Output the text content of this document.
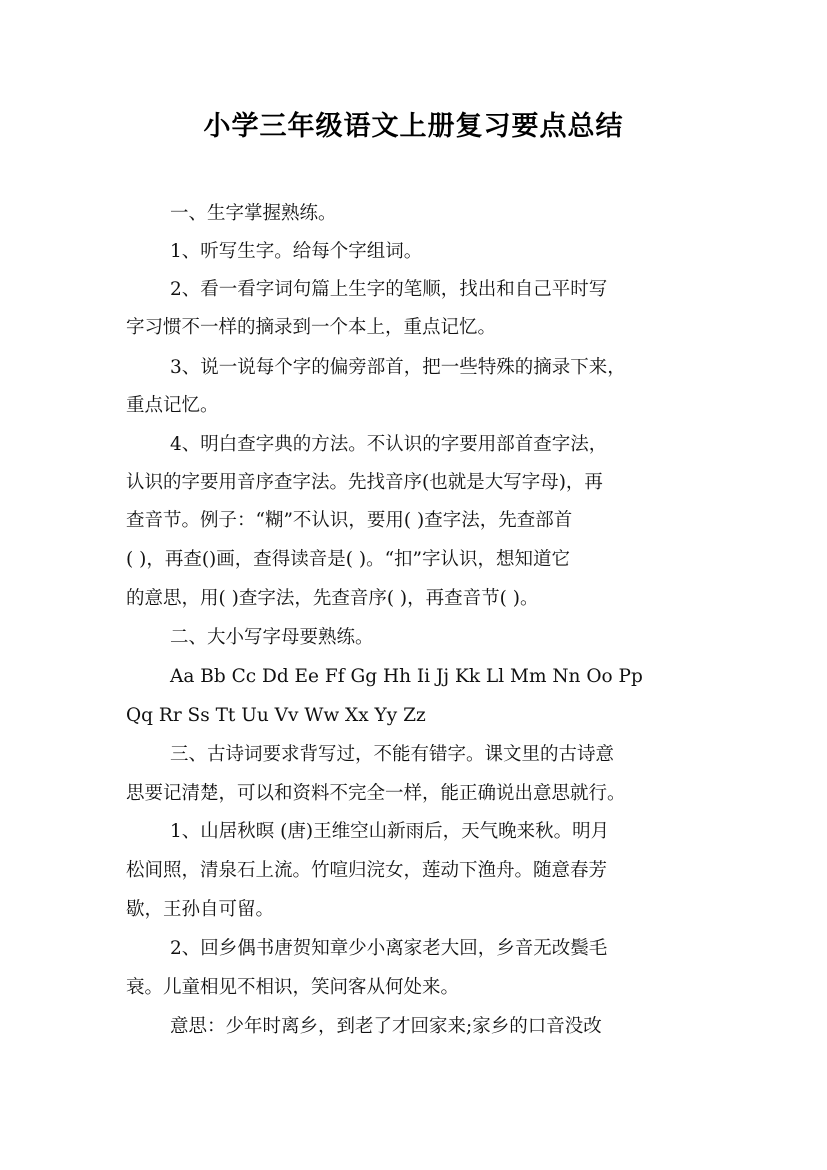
小学三年级语文上册复习要点总结
一、生字掌握熟练。
1、听写生字。给每个字组词。
2、看一看字词句篇上生字的笔顺，找出和自己平时写
字习惯不一样的摘录到一个本上，重点记忆。
3、说一说每个字的偏旁部首，把一些特殊的摘录下来，
重点记忆。
4、明白查字典的方法。不认识的字要用部首查字法，
认识的字要用音序查字法。先找音序(也就是大写字母)，再
查音节。例子：“糊”不认识，要用( )查字法，先查部首
( )，再查()画，查得读音是( )。“扣”字认识，想知道它
的意思，用( )查字法，先查音序( )，再查音节( )。
二、大小写字母要熟练。
Aa Bb Cc Dd Ee Ff Gg Hh Ii Jj Kk Ll Mm Nn Oo Pp
Qq Rr Ss Tt Uu Vv Ww Xx Yy Zz
三、古诗词要求背写过，不能有错字。课文里的古诗意
思要记清楚，可以和资料不完全一样，能正确说出意思就行。
1、山居秋暝 (唐)王维空山新雨后，天气晚来秋。明月
松间照，清泉石上流。竹喧归浣女，莲动下渔舟。随意春芳
歇，王孙自可留。
2、回乡偶书唐贺知章少小离家老大回，乡音无改鬓毛
衰。儿童相见不相识，笑问客从何处来。
意思：少年时离乡，到老了才回家来;家乡的口音没改
